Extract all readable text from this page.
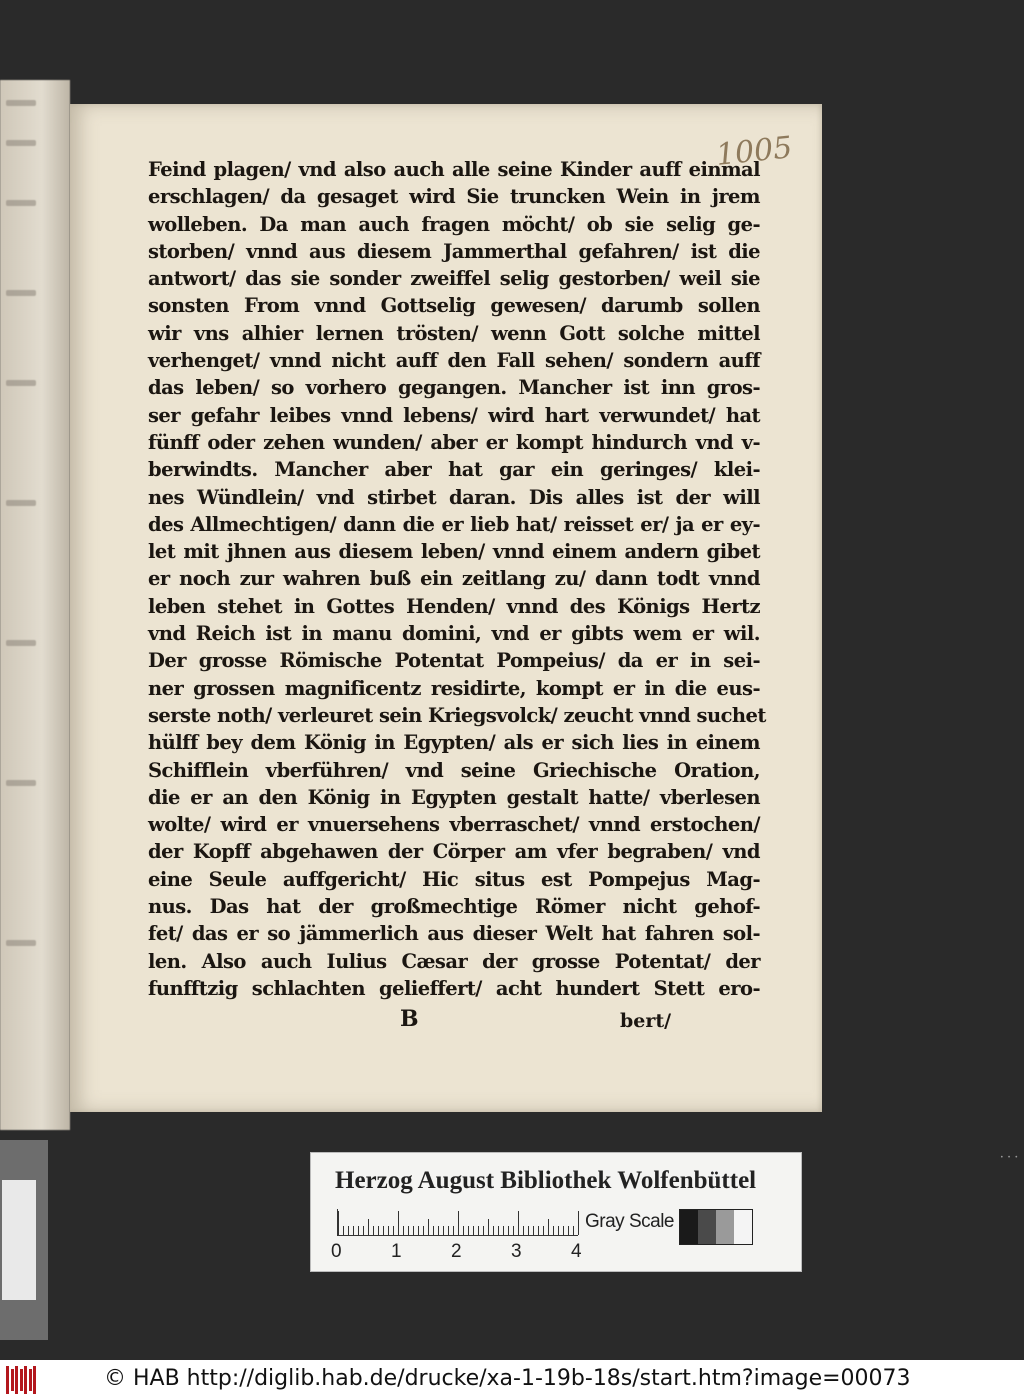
1005
Feind plagen/ vnd also auch alle seine Kinder auff einmal
erschlagen/ da gesaget wird Sie truncken Wein in jrem
wolleben. Da man auch fragen möcht/ ob sie selig ge-
storben/ vnnd aus diesem Jammerthal gefahren/ ist die
antwort/ das sie sonder zweiffel selig gestorben/ weil sie
sonsten From vnnd Gottselig gewesen/ darumb sollen
wir vns alhier lernen trösten/ wenn Gott solche mittel
verhenget/ vnnd nicht auff den Fall sehen/ sondern auff
das leben/ so vorhero gegangen. Mancher ist inn gros-
ser gefahr leibes vnnd lebens/ wird hart verwundet/ hat
fünff oder zehen wunden/ aber er kompt hindurch vnd v-
berwindts. Mancher aber hat gar ein geringes/ klei-
nes Wündlein/ vnd stirbet daran. Dis alles ist der will
des Allmechtigen/ dann die er lieb hat/ reisset er/ ja er ey-
let mit jhnen aus diesem leben/ vnnd einem andern gibet
er noch zur wahren buß ein zeitlang zu/ dann todt vnnd
leben stehet in Gottes Henden/ vnnd des Königs Hertz
vnd Reich ist in manu domini, vnd er gibts wem er wil.
Der grosse Römische Potentat Pompeius/ da er in sei-
ner grossen magnificentz residirte, kompt er in die eus-
serste noth/ verleuret sein Kriegsvolck/ zeucht vnnd suchet
hülff bey dem König in Egypten/ als er sich lies in einem
Schifflein vberführen/ vnd seine Griechische Oration,
die er an den König in Egypten gestalt hatte/ vberlesen
wolte/ wird er vnuersehens vberraschet/ vnnd erstochen/
der Kopff abgehawen der Cörper am vfer begraben/ vnd
eine Seule auffgericht/ Hic situs est Pompejus Mag-
nus. Das hat der großmechtige Römer nicht gehof-
fet/ das er so jämmerlich aus dieser Welt hat fahren sol-
len. Also auch Iulius Cæsar der grosse Potentat/ der
funfftzig schlachten gelieffert/ acht hundert Stett ero-
B	bert/
Herzog August Bibliothek Wolfenbüttel
0	1	2	3	4
Gray Scale
• • •
© HAB http://diglib.hab.de/drucke/xa-1-19b-18s/start.htm?image=00073
